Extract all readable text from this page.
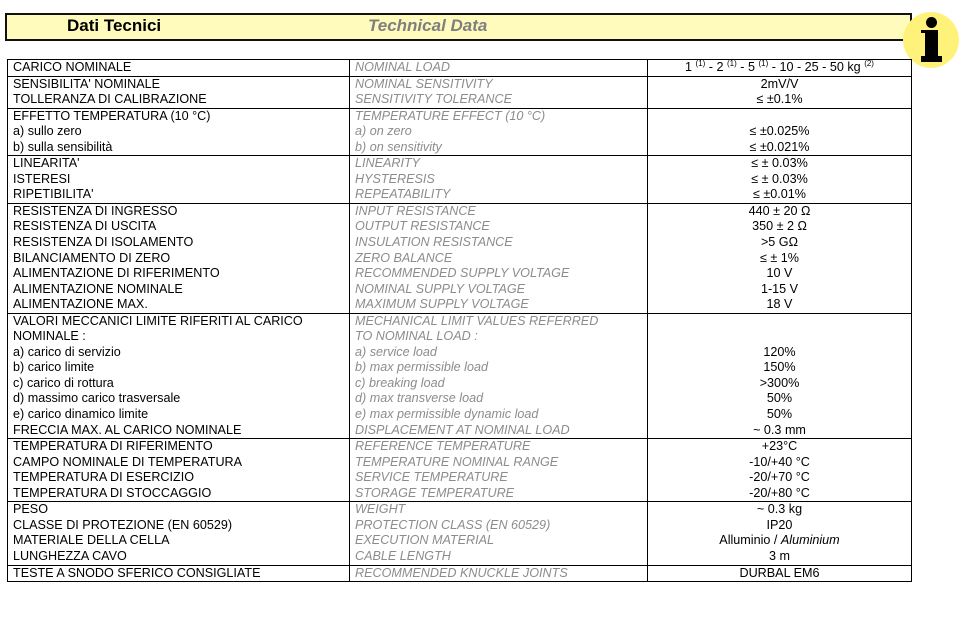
Dati Tecnici	Technical Data
CARICO NOMINALE	NOMINAL LOAD	1 $^{(1)}$ - 2 $^{(1)}$ - 5 $^{(1)}$ - 10 - 25 - 50 kg $^{(2)}$
SENSIBILITA' NOMINALE	NOMINAL SENSITIVITY	2mV/V
TOLLERANZA DI CALIBRAZIONE	SENSITIVITY TOLERANCE	≤ ±0.1%
EFFETTO TEMPERATURA (10 °C)	TEMPERATURE EFFECT (10 °C)	
a) sullo zero	a) on zero	≤ ±0.025%
b) sulla sensibilità	b) on sensitivity	≤ ±0.021%
LINEARITA'	LINEARITY	≤ ± 0.03%
ISTERESI	HYSTERESIS	≤ ± 0.03%
RIPETIBILITA'	REPEATABILITY	≤ ±0.01%
RESISTENZA DI INGRESSO	INPUT RESISTANCE	440 ± 20 Ω
RESISTENZA DI USCITA	OUTPUT RESISTANCE	350 ± 2 Ω
RESISTENZA DI ISOLAMENTO	INSULATION RESISTANCE	>5 GΩ
BILANCIAMENTO DI ZERO	ZERO BALANCE	≤ ± 1%
ALIMENTAZIONE DI RIFERIMENTO	RECOMMENDED SUPPLY VOLTAGE	10 V
ALIMENTAZIONE NOMINALE	NOMINAL SUPPLY VOLTAGE	1-15 V
ALIMENTAZIONE MAX.	MAXIMUM SUPPLY VOLTAGE	18 V
VALORI MECCANICI LIMITE RIFERITI AL CARICO	MECHANICAL LIMIT VALUES REFERRED	
NOMINALE :	TO NOMINAL LOAD :	
a) carico di servizio	a) service load	120%
b) carico limite	b) max permissible load	150%
c) carico di rottura	c) breaking load	>300%
d) massimo carico trasversale	d) max transverse load	50%
e) carico dinamico limite	e) max permissible dynamic load	50%
FRECCIA MAX. AL CARICO NOMINALE	DISPLACEMENT AT NOMINAL LOAD	~ 0.3 mm
TEMPERATURA DI RIFERIMENTO	REFERENCE TEMPERATURE	+23°C
CAMPO NOMINALE DI TEMPERATURA	TEMPERATURE NOMINAL RANGE	-10/+40 °C
TEMPERATURA DI ESERCIZIO	SERVICE TEMPERATURE	-20/+70 °C
TEMPERATURA DI STOCCAGGIO	STORAGE TEMPERATURE	-20/+80 °C
PESO	WEIGHT	~ 0.3 kg
CLASSE DI PROTEZIONE (EN 60529)	PROTECTION CLASS (EN 60529)	IP20
MATERIALE DELLA CELLA	EXECUTION MATERIAL	Alluminio / Aluminium
LUNGHEZZA CAVO	CABLE LENGTH	3 m
TESTE A SNODO SFERICO CONSIGLIATE	RECOMMENDED KNUCKLE JOINTS	DURBAL EM6
